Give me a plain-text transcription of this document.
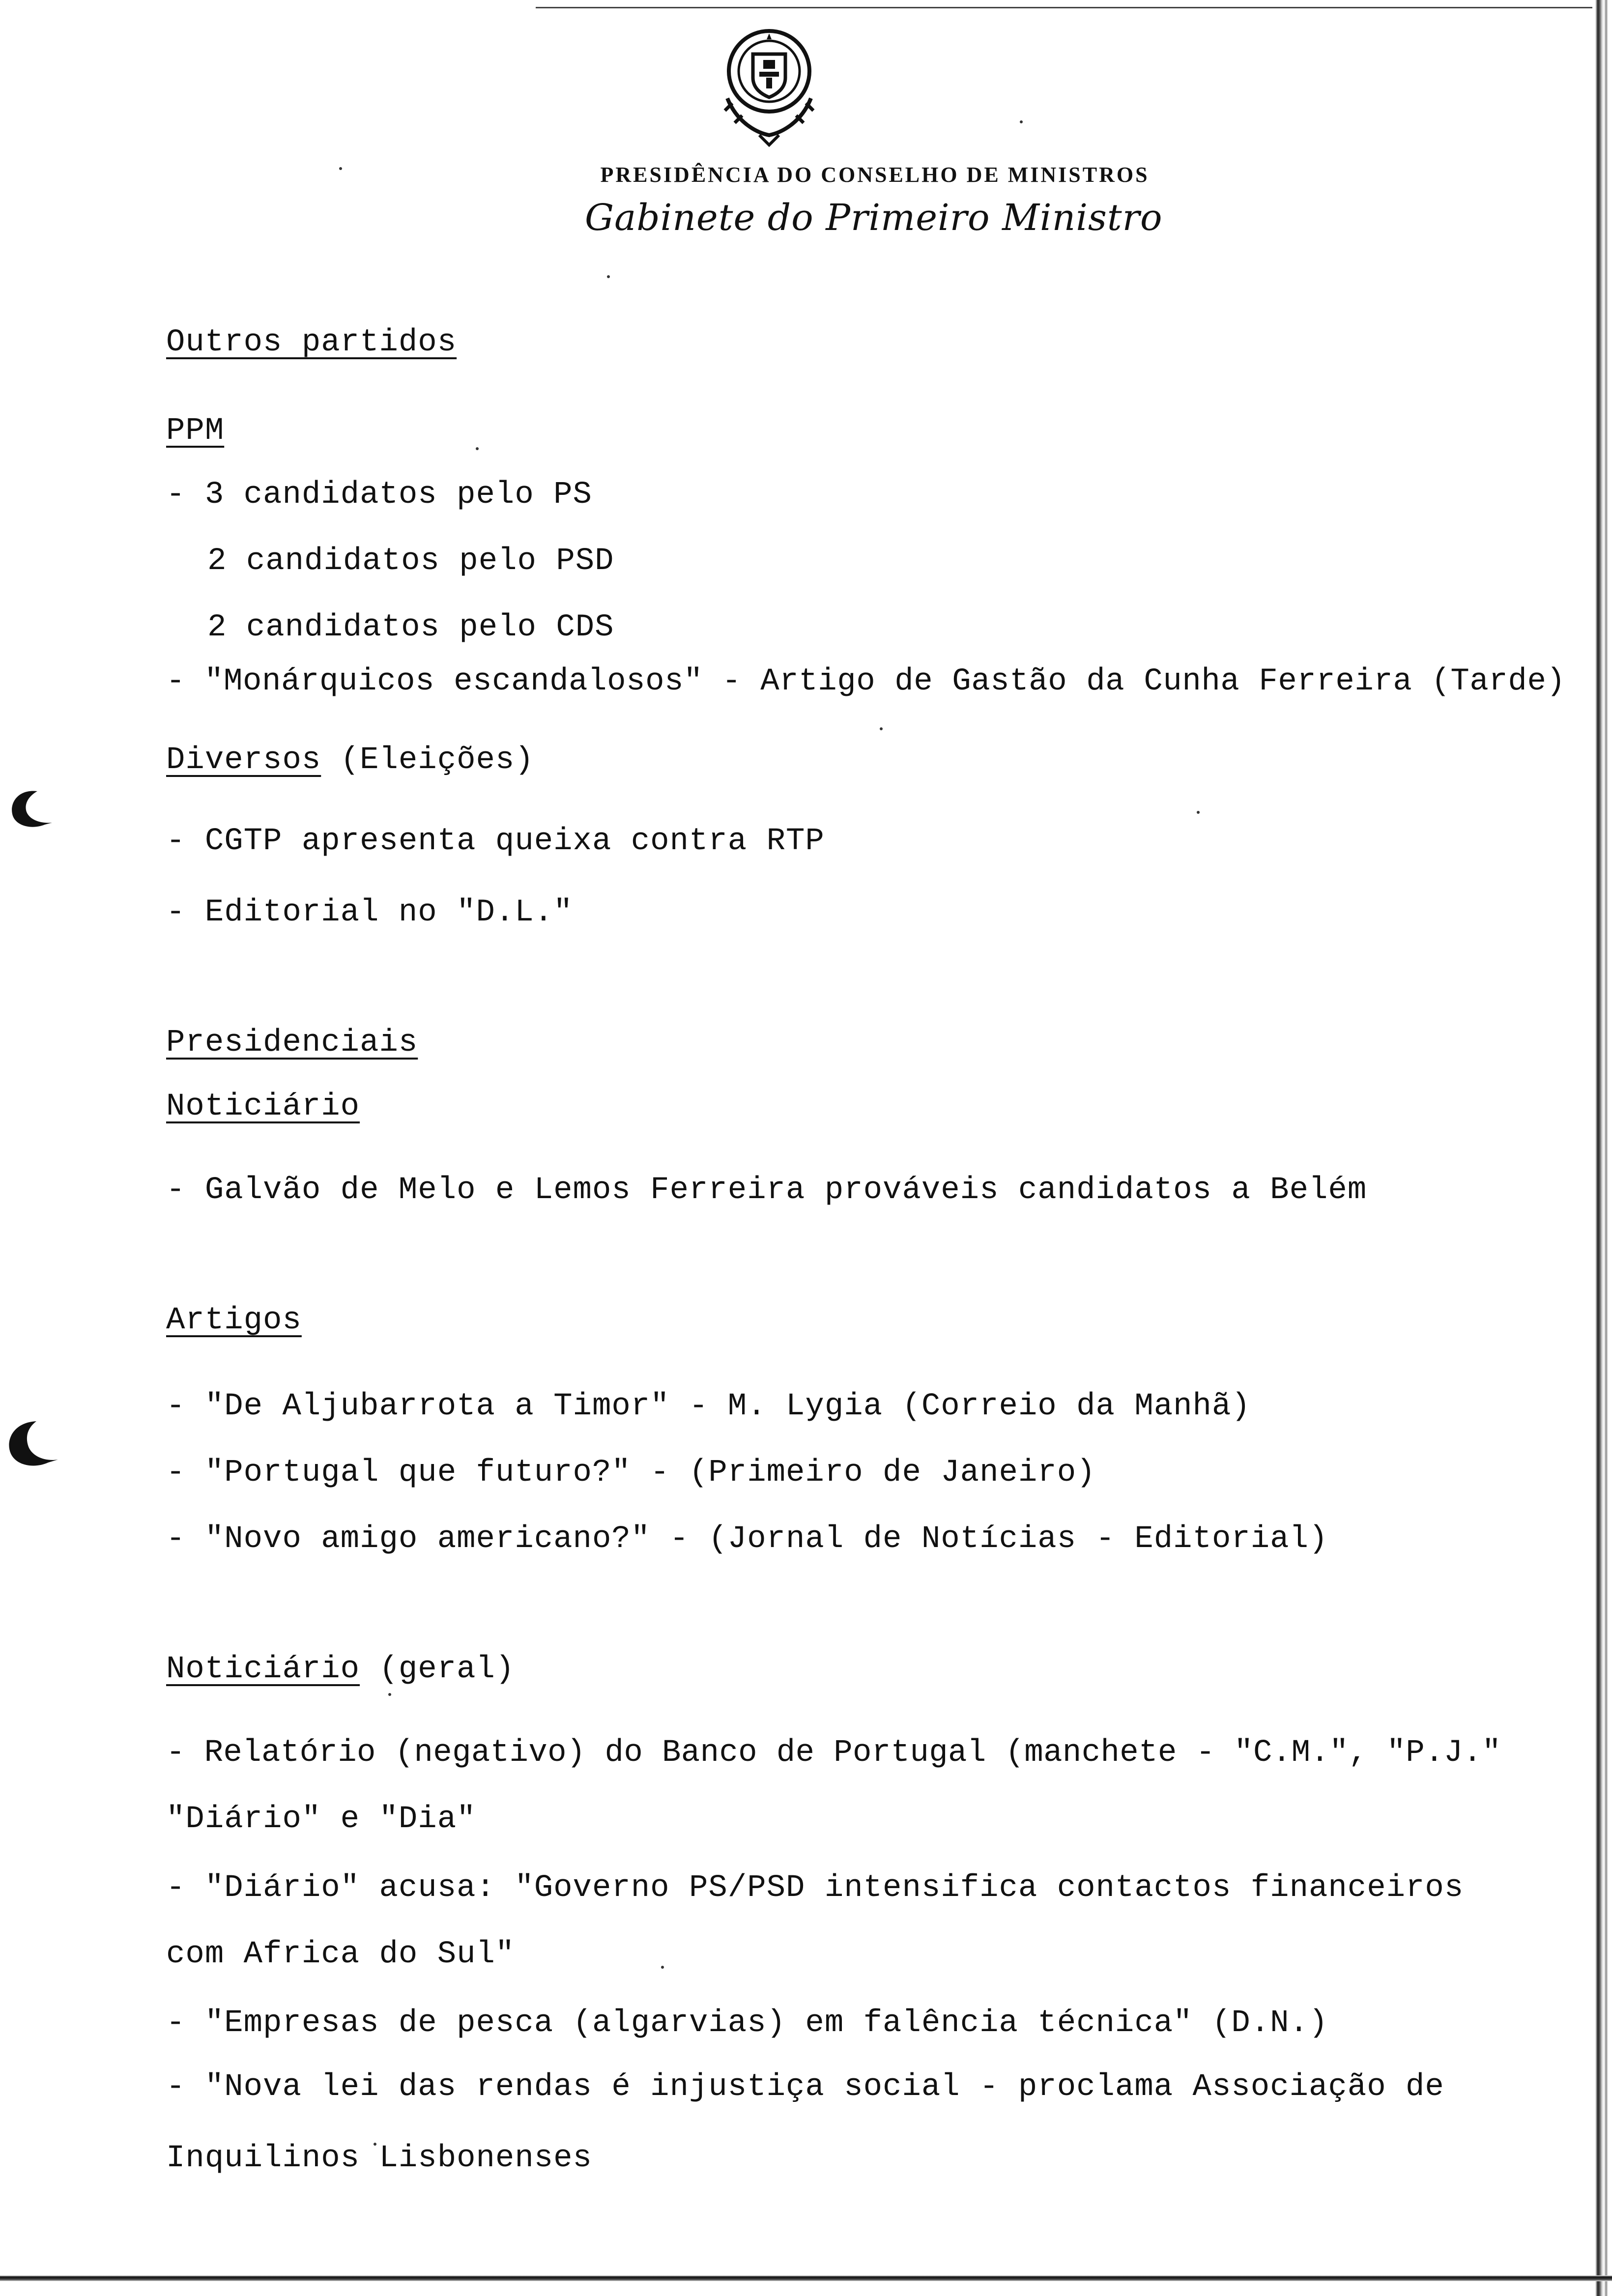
PRESIDÊNCIA DO CONSELHO DE MINISTROS
Gabinete do Primeiro Ministro
Outros partidos
PPM
- 3 candidatos pelo PS
2 candidatos pelo PSD
2 candidatos pelo CDS
- "Monárquicos escandalosos" - Artigo de Gastão da Cunha Ferreira (Tarde)
Diversos (Eleições)
- CGTP apresenta queixa contra RTP
- Editorial no "D.L."
Presidenciais
Noticiário
- Galvão de Melo e Lemos Ferreira prováveis candidatos a Belém
Artigos
- "De Aljubarrota a Timor" - M. Lygia (Correio da Manhã)
- "Portugal que futuro?" - (Primeiro de Janeiro)
- "Novo amigo americano?" - (Jornal de Notícias - Editorial)
Noticiário (geral)
- Relatório (negativo) do Banco de Portugal (manchete - "C.M.", "P.J."
"Diário" e "Dia"
- "Diário" acusa: "Governo PS/PSD intensifica contactos financeiros
com Africa do Sul"
- "Empresas de pesca (algarvias) em falência técnica" (D.N.)
- "Nova lei das rendas é injustiça social - proclama Associação de
Inquilinos Lisbonenses
